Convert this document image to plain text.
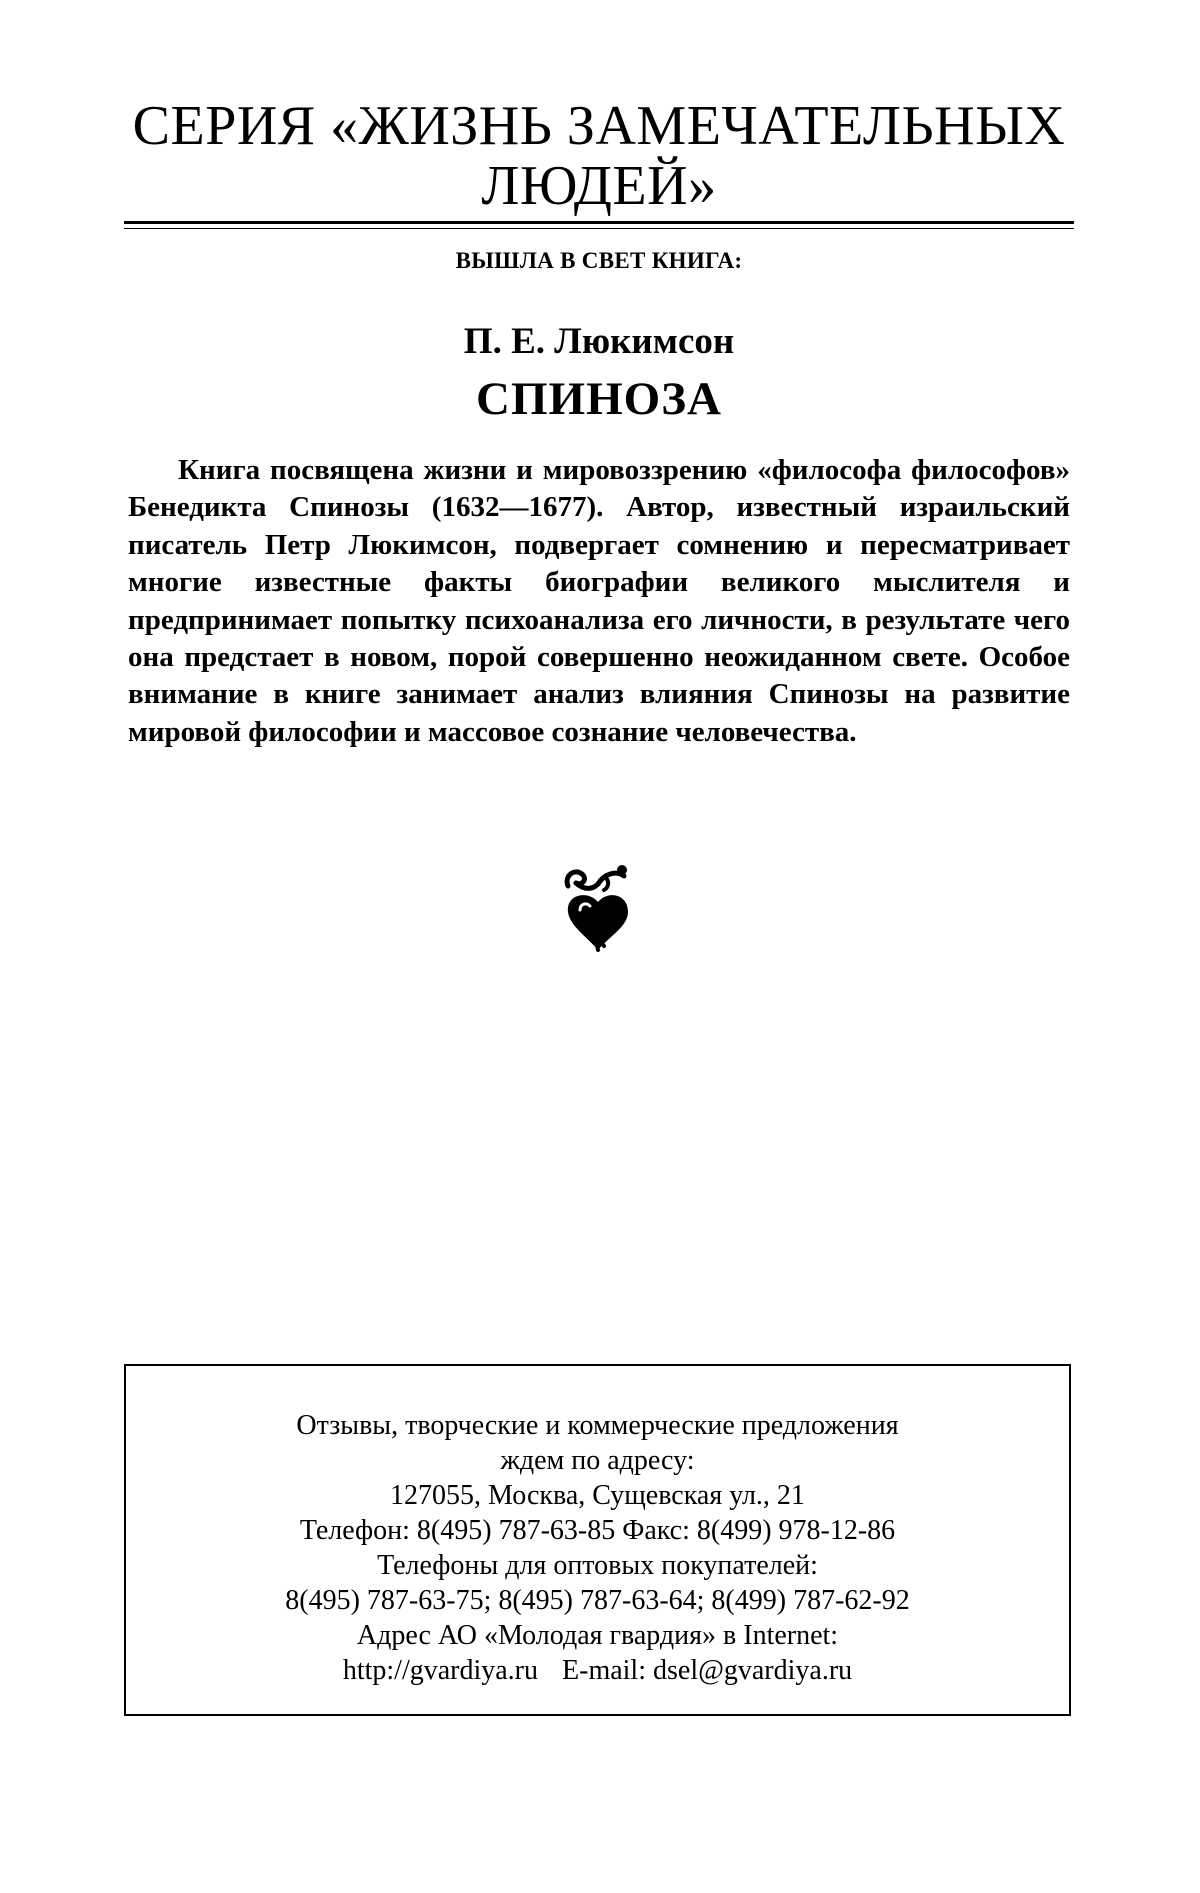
СЕРИЯ «ЖИЗНЬ ЗАМЕЧАТЕЛЬНЫХ
ЛЮДЕЙ»
ВЫШЛА В СВЕТ КНИГА:
П. Е. Люкимсон
СПИНОЗА

Книга посвящена жизни и мировоззрению «философа философов» Бенедикта Спинозы (1632—1677). Автор, известный израильский писатель Петр Люкимсон, подвергает сомнению и пересматривает многие известные факты биографии великого мыслителя и предпринимает попытку психоанализа его личности, в результате чего она предстает в новом, порой совершенно неожиданном свете. Особое внимание в книге занимает анализ влияния Спинозы на развитие мировой философии и массовое сознание человечества.

Отзывы, творческие и коммерческие предложения
ждем по адресу:
127055, Москва, Сущевская ул., 21
Телефон: 8(495) 787-63-85 Факс: 8(499) 978-12-86
Телефоны для оптовых покупателей:
8(495) 787-63-75; 8(495) 787-63-64; 8(499) 787-62-92
Адрес АО «Молодая гвардия» в Internet:
http://gvardiya.ru E-mail: dsel@gvardiya.ru
